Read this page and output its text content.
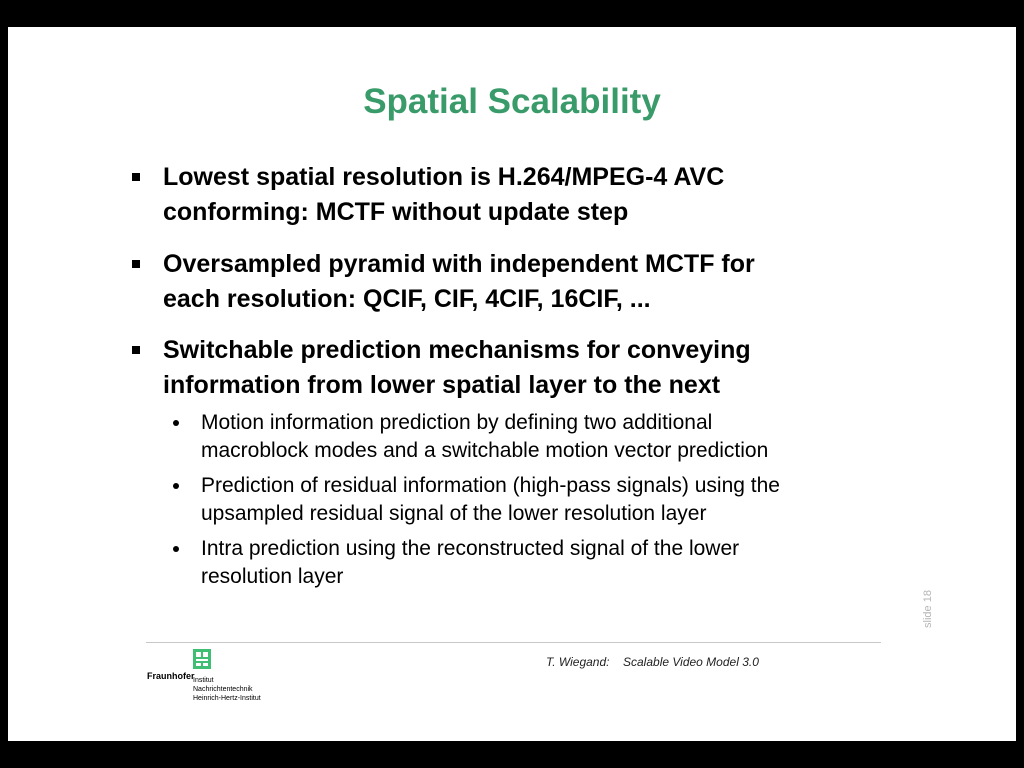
Spatial Scalability
Lowest spatial resolution is H.264/MPEG-4 AVC
conforming: MCTF without update step
Oversampled pyramid with independent MCTF for
each resolution: QCIF, CIF, 4CIF, 16CIF, ...
Switchable prediction mechanisms for conveying
information from lower spatial layer to the next
Motion information prediction by defining two additional
macroblock modes and a switchable motion vector prediction
Prediction of residual information (high-pass signals) using the
upsampled residual signal of the lower resolution layer
Intra prediction using the reconstructed signal of the lower
resolution layer
slide 18
Fraunhofer
Institut
Nachrichtentechnik
Heinrich-Hertz-Institut
T. Wiegand: Scalable Video Model 3.0
